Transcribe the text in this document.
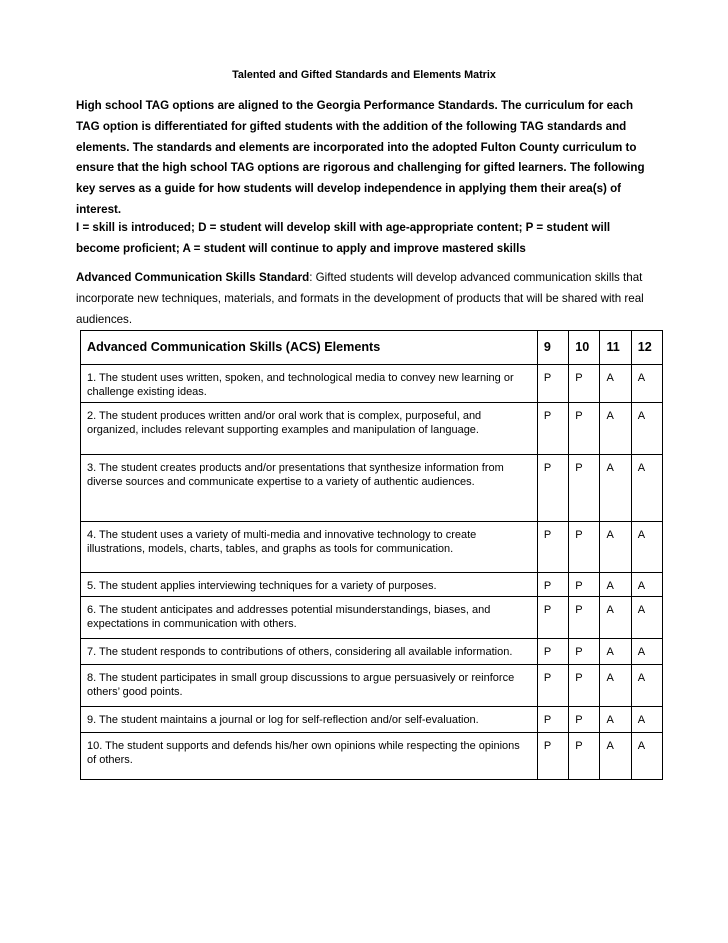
Talented and Gifted Standards and Elements Matrix
High school TAG options are aligned to the Georgia Performance Standards. The curriculum for each TAG option is differentiated for gifted students with the addition of the following TAG standards and elements. The standards and elements are incorporated into the adopted Fulton County curriculum to ensure that the high school TAG options are rigorous and challenging for gifted learners. The following key serves as a guide for how students will develop independence in applying them their area(s) of interest.
I = skill is introduced; D = student will develop skill with age-appropriate content; P = student will become proficient; A = student will continue to apply and improve mastered skills
Advanced Communication Skills Standard: Gifted students will develop advanced communication skills that incorporate new techniques, materials, and formats in the development of products that will be shared with real audiences.
Advanced Communication Skills (ACS) Elements	9	10	11	12
1. The student uses written, spoken, and technological media to convey new learning or challenge existing ideas.	P	P	A	A
2. The student produces written and/or oral work that is complex, purposeful, and organized, includes relevant supporting examples and manipulation of language.	P	P	A	A
3. The student creates products and/or presentations that synthesize information from diverse sources and communicate expertise to a variety of authentic audiences.	P	P	A	A
4. The student uses a variety of multi-media and innovative technology to create illustrations, models, charts, tables, and graphs as tools for communication.	P	P	A	A
5. The student applies interviewing techniques for a variety of purposes.	P	P	A	A
6. The student anticipates and addresses potential misunderstandings, biases, and expectations in communication with others.	P	P	A	A
7. The student responds to contributions of others, considering all available information.	P	P	A	A
8. The student participates in small group discussions to argue persuasively or reinforce others’ good points.	P	P	A	A
9. The student maintains a journal or log for self-reflection and/or self-evaluation.	P	P	A	A
10. The student supports and defends his/her own opinions while respecting the opinions of others.	P	P	A	A
